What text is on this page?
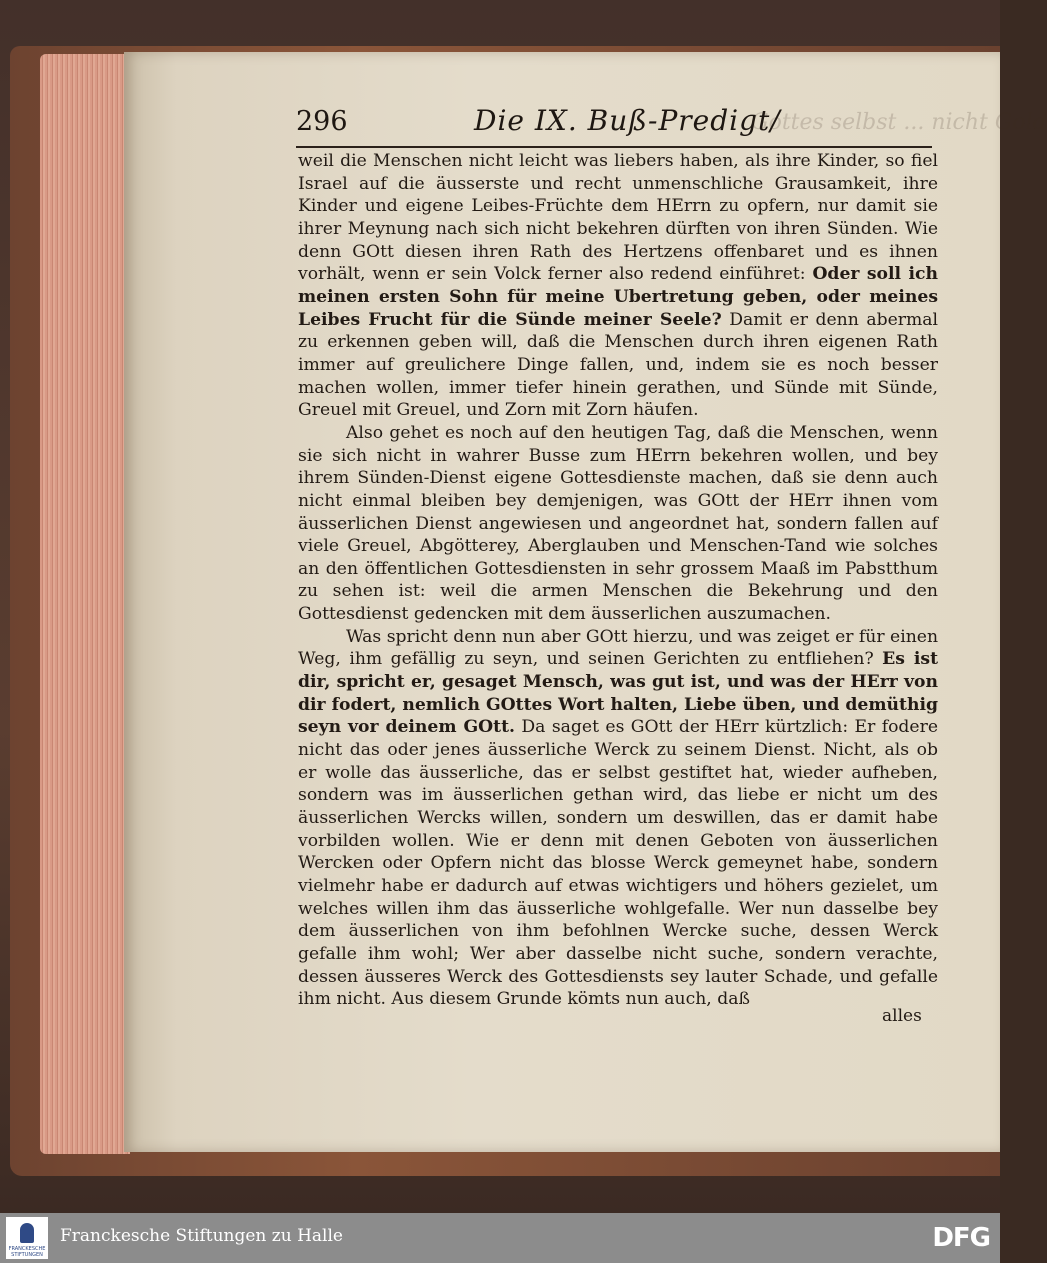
296	Die IX. Buß-Predigt/
Gottes selbst ... nicht Gold

weil die Menschen nicht leicht was liebers haben, als ihre Kinder, so fiel Israel auf die äusserste und recht unmenschliche Grausamkeit, ihre Kinder und eigene Leibes-Früchte dem HErrn zu opfern, nur damit sie ihrer Meynung nach sich nicht bekehren dürften von ihren Sünden. Wie denn GOtt diesen ihren Rath des Hertzens offenbaret und es ihnen vorhält, wenn er sein Volck ferner also redend einführet: Oder soll ich meinen ersten Sohn für meine Ubertretung geben, oder meines Leibes Frucht für die Sünde meiner Seele? Damit er denn abermal zu erkennen geben will, daß die Menschen durch ihren eigenen Rath immer auf greulichere Dinge fallen, und, indem sie es noch besser machen wollen, immer tiefer hinein gerathen, und Sünde mit Sünde, Greuel mit Greuel, und Zorn mit Zorn häufen.

Also gehet es noch auf den heutigen Tag, daß die Menschen, wenn sie sich nicht in wahrer Busse zum HErrn bekehren wollen, und bey ihrem Sünden-Dienst eigene Gottesdienste machen, daß sie denn auch nicht einmal bleiben bey demjenigen, was GOtt der HErr ihnen vom äusserlichen Dienst angewiesen und angeordnet hat, sondern fallen auf viele Greuel, Abgötterey, Aberglauben und Menschen-Tand wie solches an den öffentlichen Gottesdiensten in sehr grossem Maaß im Pabstthum zu sehen ist: weil die armen Menschen die Bekehrung und den Gottesdienst gedencken mit dem äusserlichen auszumachen.

Was spricht denn nun aber GOtt hierzu, und was zeiget er für einen Weg, ihm gefällig zu seyn, und seinen Gerichten zu entfliehen? Es ist dir, spricht er, gesaget Mensch, was gut ist, und was der HErr von dir fodert, nemlich GOttes Wort halten, Liebe üben, und demüthig seyn vor deinem GOtt. Da saget es GOtt der HErr kürtzlich: Er fodere nicht das oder jenes äusserliche Werck zu seinem Dienst. Nicht, als ob er wolle das äusserliche, das er selbst gestiftet hat, wieder aufheben, sondern was im äusserlichen gethan wird, das liebe er nicht um des äusserlichen Wercks willen, sondern um deswillen, das er damit habe vorbilden wollen. Wie er denn mit denen Geboten von äusserlichen Wercken oder Opfern nicht das blosse Werck gemeynet habe, sondern vielmehr habe er dadurch auf etwas wichtigers und höhers gezielet, um welches willen ihm das äusserliche wohlgefalle. Wer nun dasselbe bey dem äusserlichen von ihm befohlnen Wercke suche, dessen Werck gefalle ihm wohl; Wer aber dasselbe nicht suche, sondern verachte, dessen äusseres Werck des Gottesdiensts sey lauter Schade, und gefalle ihm nicht. Aus diesem Grunde kömts nun auch, daß

alles
FRANCKESCHE STIFTUNGEN
Franckesche Stiftungen zu Halle	DFG
